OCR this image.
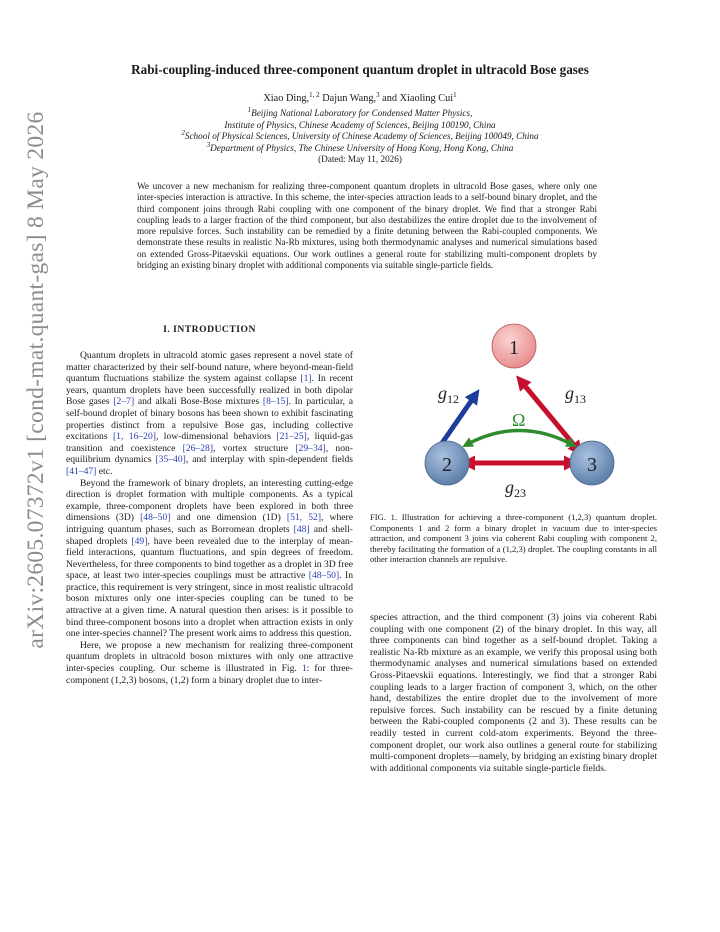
arXiv:2605.07372v1 [cond-mat.quant-gas] 8 May 2026
Rabi-coupling-induced three-component quantum droplet in ultracold Bose gases
Xiao Ding,$^{1, 2}$ Dajun Wang,$^3$ and Xiaoling Cui$^1$
$^1$Beijing National Laboratory for Condensed Matter Physics,
Institute of Physics, Chinese Academy of Sciences, Beijing 100190, China
$^2$School of Physical Sciences, University of Chinese Academy of Sciences, Beijing 100049, China
$^3$Department of Physics, The Chinese University of Hong Kong, Hong Kong, China
(Dated: May 11, 2026)
We uncover a new mechanism for realizing three-component quantum droplets in ultracold Bose gases, where only one inter-species interaction is attractive. In this scheme, the inter-species attraction leads to a self-bound binary droplet, and the third component joins through Rabi coupling with one component of the binary droplet. We find that a stronger Rabi coupling leads to a larger fraction of the third component, but also destabilizes the entire droplet due to the involvement of more repulsive forces. Such instability can be remedied by a finite detuning between the Rabi-coupled components. We demonstrate these results in realistic Na-Rb mixtures, using both thermodynamic analyses and numerical simulations based on extended Gross-Pitaevskii equations. Our work outlines a general route for stabilizing multi-component droplets by bridging an existing binary droplet with additional components via suitable single-particle fields.
I. INTRODUCTION

Quantum droplets in ultracold atomic gases represent a novel state of matter characterized by their self-bound nature, where beyond-mean-field quantum fluctuations stabilize the system against collapse [1]. In recent years, quantum droplets have been successfully realized in both dipolar Bose gases [2–7] and alkali Bose-Bose mixtures [8–15]. In particular, a self-bound droplet of binary bosons has been shown to exhibit fascinating properties distinct from a repulsive Bose gas, including collective excitations [1, 16–20], low-dimensional behaviors [21–25], liquid-gas transition and coexistence [26–28], vortex structure [29–34], non-equilibrium dynamics [35–40], and interplay with spin-dependent fields [41–47] etc.

Beyond the framework of binary droplets, an interesting cutting-edge direction is droplet formation with multiple components. As a typical example, three-component droplets have been explored in both three dimensions (3D) [48–50] and one dimension (1D) [51, 52], where intriguing quantum phases, such as Borromean droplets [48] and shell-shaped droplets [49], have been revealed due to the interplay of mean-field interactions, quantum fluctuations, and spin degrees of freedom. Nevertheless, for three components to bind together as a droplet in 3D free space, at least two inter-species couplings must be attractive [48–50]. In practice, this requirement is very stringent, since in most realistic ultracold boson mixtures only one inter-species coupling can be tuned to be attractive at a given time. A natural question then arises: is it possible to bind three-component bosons into a droplet when attraction exists in only one inter-species channel? The present work aims to address this question.

Here, we propose a new mechanism for realizing three-component quantum droplets in ultracold boson mixtures with only one attractive inter-species coupling. Our scheme is illustrated in Fig. 1: for three-component (1,2,3) bosons, (1,2) form a binary droplet due to inter-

1
2	3
$g_{12}$	$g_{13}$
$g_{23}$
Ω
FIG. 1. Illustration for achieving a three-component (1,2,3) quantum droplet. Components 1 and 2 form a binary droplet in vacuum due to inter-species attraction, and component 3 joins via coherent Rabi coupling with component 2, thereby facilitating the formation of a (1,2,3) droplet. The coupling constants in all other interaction channels are repulsive.

species attraction, and the third component (3) joins via coherent Rabi coupling with one component (2) of the binary droplet. In this way, all three components can bind together as a self-bound droplet. Taking a realistic Na-Rb mixture as an example, we verify this proposal using both thermodynamic analyses and numerical simulations based on extended Gross-Pitaevskii equations. Interestingly, we find that a stronger Rabi coupling leads to a larger fraction of component 3, which, on the other hand, destabilizes the entire droplet due to the involvement of more repulsive forces. Such instability can be rescued by a finite detuning between the Rabi-coupled components (2 and 3). These results can be readily tested in current cold-atom experiments. Beyond the three-component droplet, our work also outlines a general route for stabilizing multi-component droplets—namely, by bridging an existing binary droplet with additional components via suitable single-particle fields.
